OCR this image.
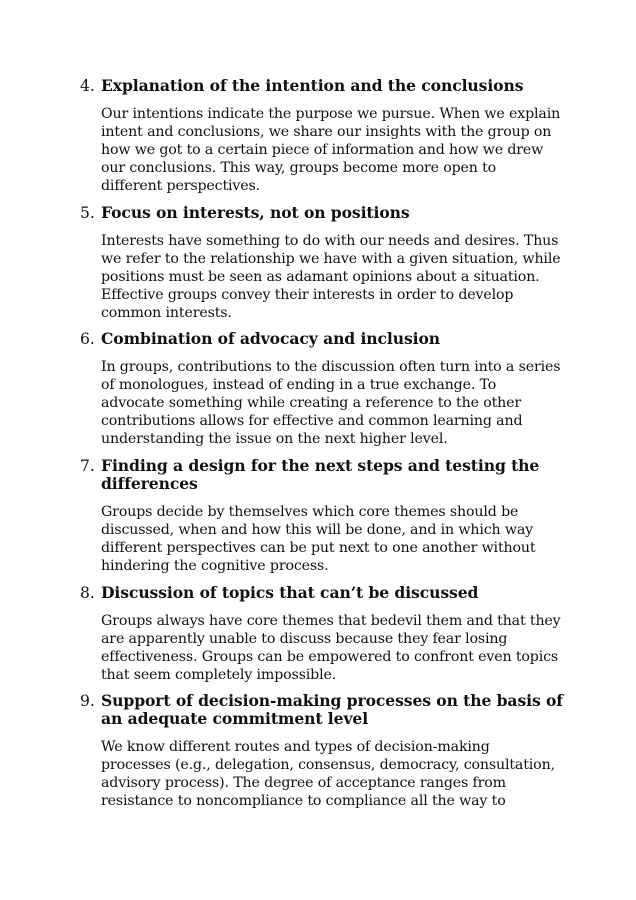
4. Explanation of the intention and the conclusions
Our intentions indicate the purpose we pursue. When we explain
intent and conclusions, we share our insights with the group on
how we got to a certain piece of information and how we drew
our conclusions. This way, groups become more open to
different perspectives.
5. Focus on interests, not on positions
Interests have something to do with our needs and desires. Thus
we refer to the relationship we have with a given situation, while
positions must be seen as adamant opinions about a situation.
Effective groups convey their interests in order to develop
common interests.
6. Combination of advocacy and inclusion
In groups, contributions to the discussion often turn into a series
of monologues, instead of ending in a true exchange. To
advocate something while creating a reference to the other
contributions allows for effective and common learning and
understanding the issue on the next higher level.
7. Finding a design for the next steps and testing the
differences
Groups decide by themselves which core themes should be
discussed, when and how this will be done, and in which way
different perspectives can be put next to one another without
hindering the cognitive process.
8. Discussion of topics that can’t be discussed
Groups always have core themes that bedevil them and that they
are apparently unable to discuss because they fear losing
effectiveness. Groups can be empowered to confront even topics
that seem completely impossible.
9. Support of decision-making processes on the basis of
an adequate commitment level
We know different routes and types of decision-making
processes (e.g., delegation, consensus, democracy, consultation,
advisory process). The degree of acceptance ranges from
resistance to noncompliance to compliance all the way to
